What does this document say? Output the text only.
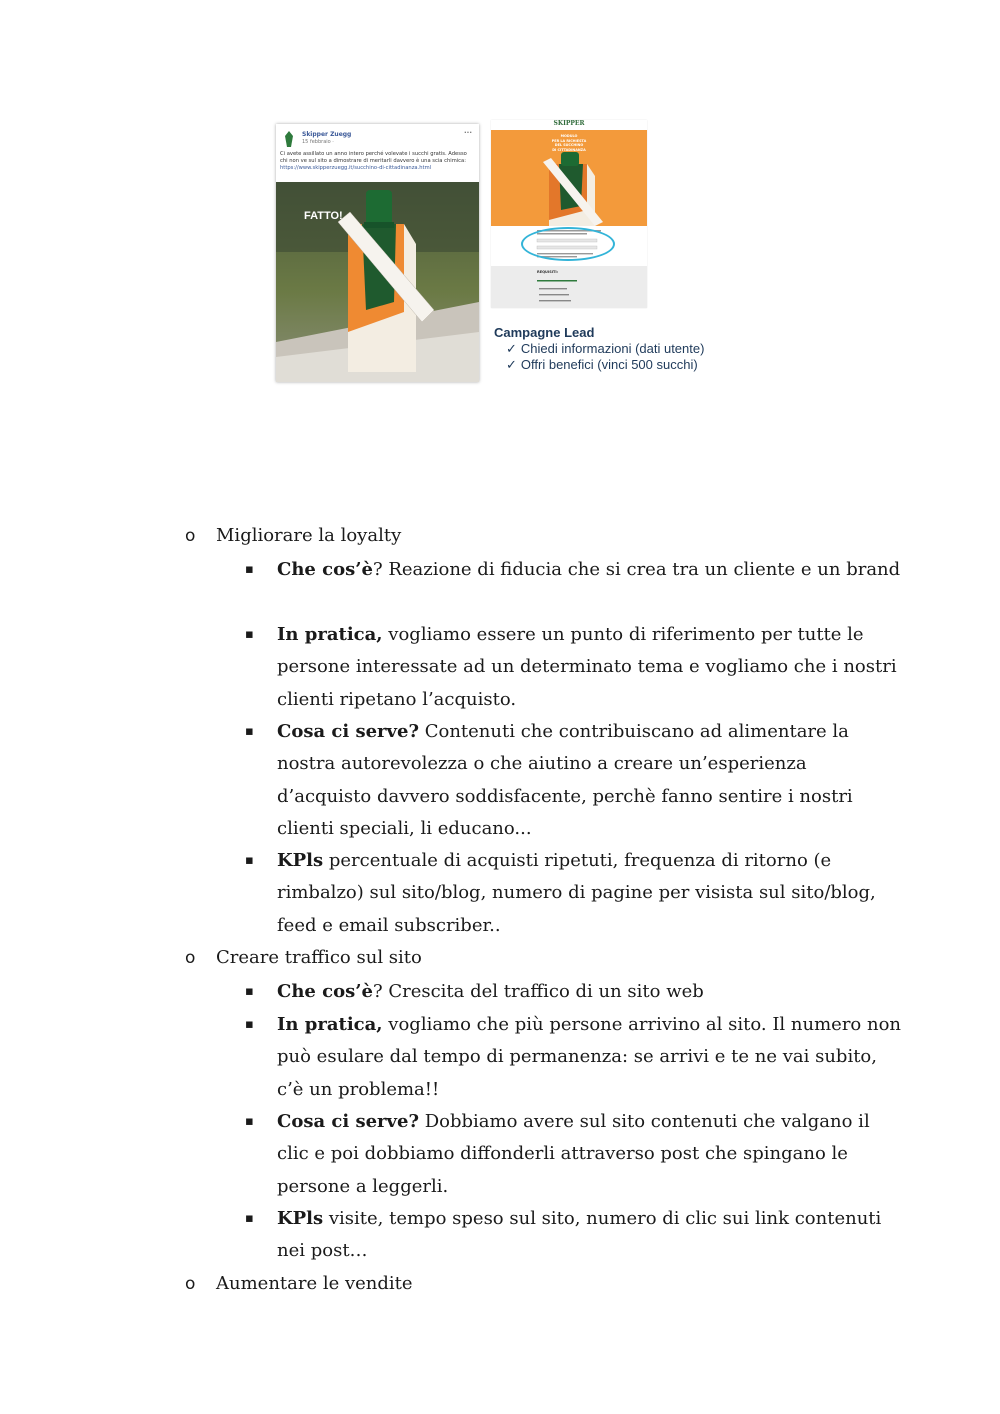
Skipper Zuegg
15 febbraio ·
···
Ci avete assillato un anno intero perché volevate i succhi gratis. Adesso chi non ve sul sito a dimostrare di meritarli davvero è una scia chimica:
https://www.skipperzuegg.it/succhino-di-cittadinanza.html
FATTO!
SKIPPER
MODULO
PER LA RICHIESTA
DEL SUCCHINO
DI CITTADINANZA
REQUISITI:
Campagne Lead
✓ Chiedi informazioni (dati utente)
✓ Offri benefici (vinci 500 succhi)
o Migliorare la loyalty
▪ Che cos’è? Reazione di fiducia che si crea tra un cliente e un brand
▪ In pratica, vogliamo essere un punto di riferimento per tutte le persone interessate ad un determinato tema e vogliamo che i nostri clienti ripetano l’acquisto.
▪ Cosa ci serve? Contenuti che contribuiscano ad alimentare la nostra autorevolezza o che aiutino a creare un’esperienza d’acquisto davvero soddisfacente, perchè fanno sentire i nostri clienti speciali, li educano...
▪ KPls percentuale di acquisti ripetuti, frequenza di ritorno (e rimbalzo) sul sito/blog, numero di pagine per visista sul sito/blog, feed e email subscriber..
o Creare traffico sul sito
▪ Che cos’è? Crescita del traffico di un sito web
▪ In pratica, vogliamo che più persone arrivino al sito. Il numero non può esulare dal tempo di permanenza: se arrivi e te ne vai subito, c’è un problema!!
▪ Cosa ci serve? Dobbiamo avere sul sito contenuti che valgano il clic e poi dobbiamo diffonderli attraverso post che spingano le persone a leggerli.
▪ KPls visite, tempo speso sul sito, numero di clic sui link contenuti nei post…
o Aumentare le vendite
